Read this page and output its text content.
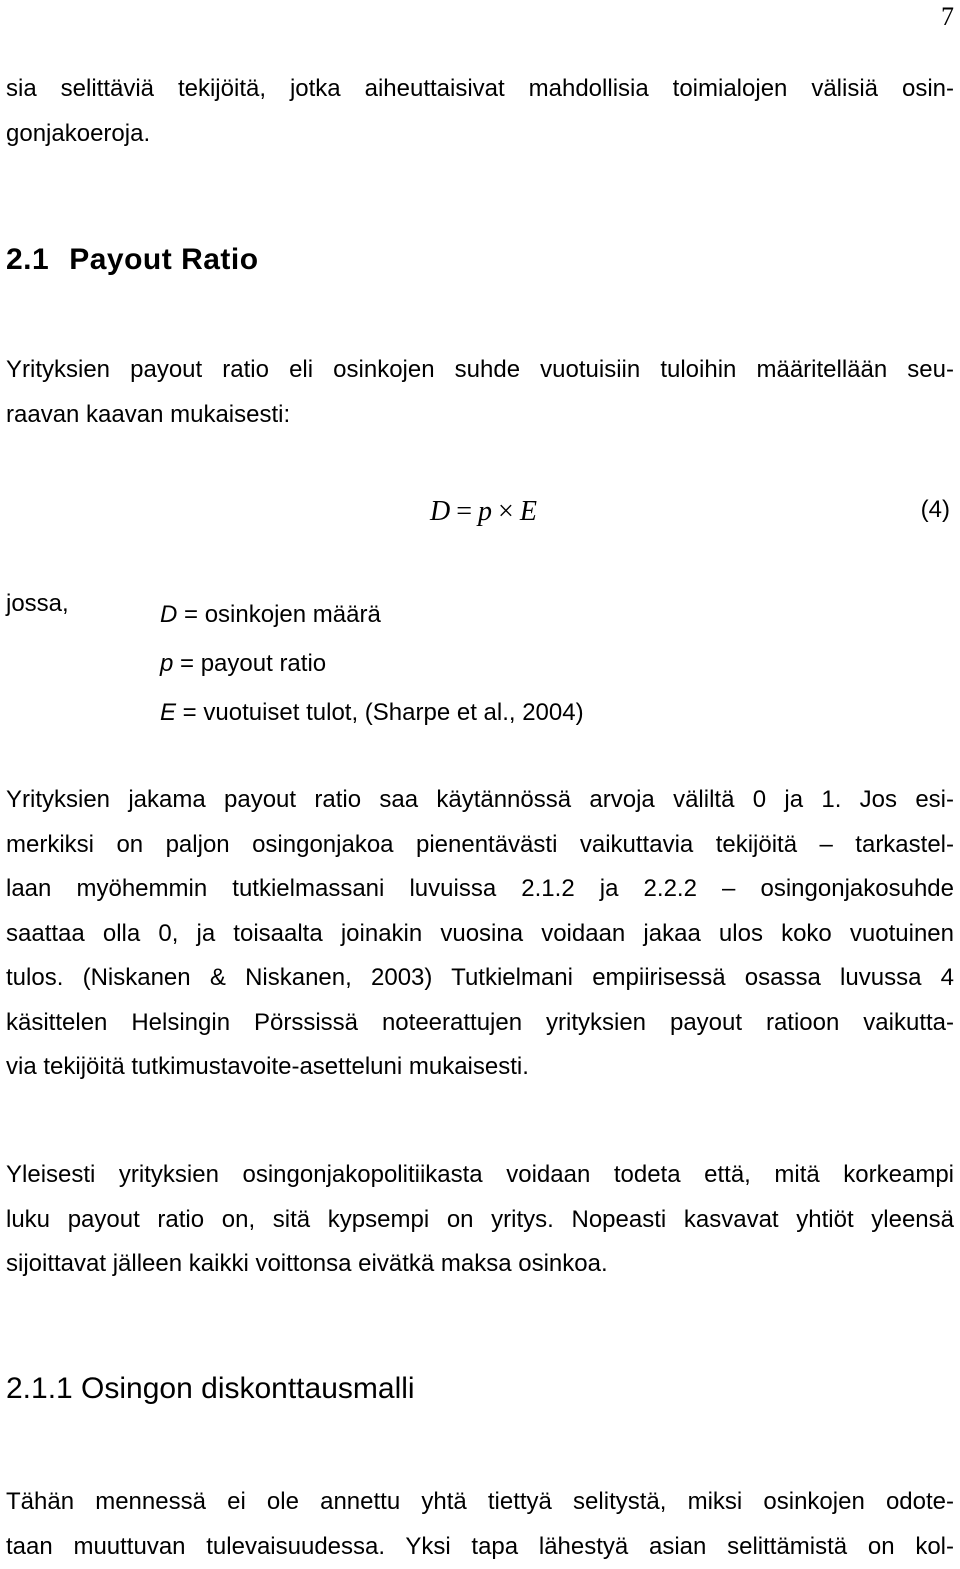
7

sia selittäviä tekijöitä, jotka aiheuttaisivat mahdollisia toimialojen välisiä osin-
gonjakoeroja.

2.1 Payout Ratio

Yrityksien payout ratio eli osinkojen suhde vuotuisiin tuloihin määritellään seu-
raavan kaavan mukaisesti:

D = p × E	(4)
jossa,	D = osinkojen määrä
p = payout ratio
E = vuotuiset tulot, (Sharpe et al., 2004)

Yrityksien jakama payout ratio saa käytännössä arvoja väliltä 0 ja 1. Jos esi-
merkiksi on paljon osingonjakoa pienentävästi vaikuttavia tekijöitä – tarkastel-
laan myöhemmin tutkielmassani luvuissa 2.1.2 ja 2.2.2 – osingonjakosuhde
saattaa olla 0, ja toisaalta joinakin vuosina voidaan jakaa ulos koko vuotuinen
tulos. (Niskanen & Niskanen, 2003) Tutkielmani empiirisessä osassa luvussa 4
käsittelen Helsingin Pörssissä noteerattujen yrityksien payout ratioon vaikutta-
via tekijöitä tutkimustavoite-asetteluni mukaisesti.

Yleisesti yrityksien osingonjakopolitiikasta voidaan todeta että, mitä korkeampi
luku payout ratio on, sitä kypsempi on yritys. Nopeasti kasvavat yhtiöt yleensä
sijoittavat jälleen kaikki voittonsa eivätkä maksa osinkoa.

2.1.1 Osingon diskonttausmalli

Tähän mennessä ei ole annettu yhtä tiettyä selitystä, miksi osinkojen odote-
taan muuttuvan tulevaisuudessa. Yksi tapa lähestyä asian selittämistä on kol-
